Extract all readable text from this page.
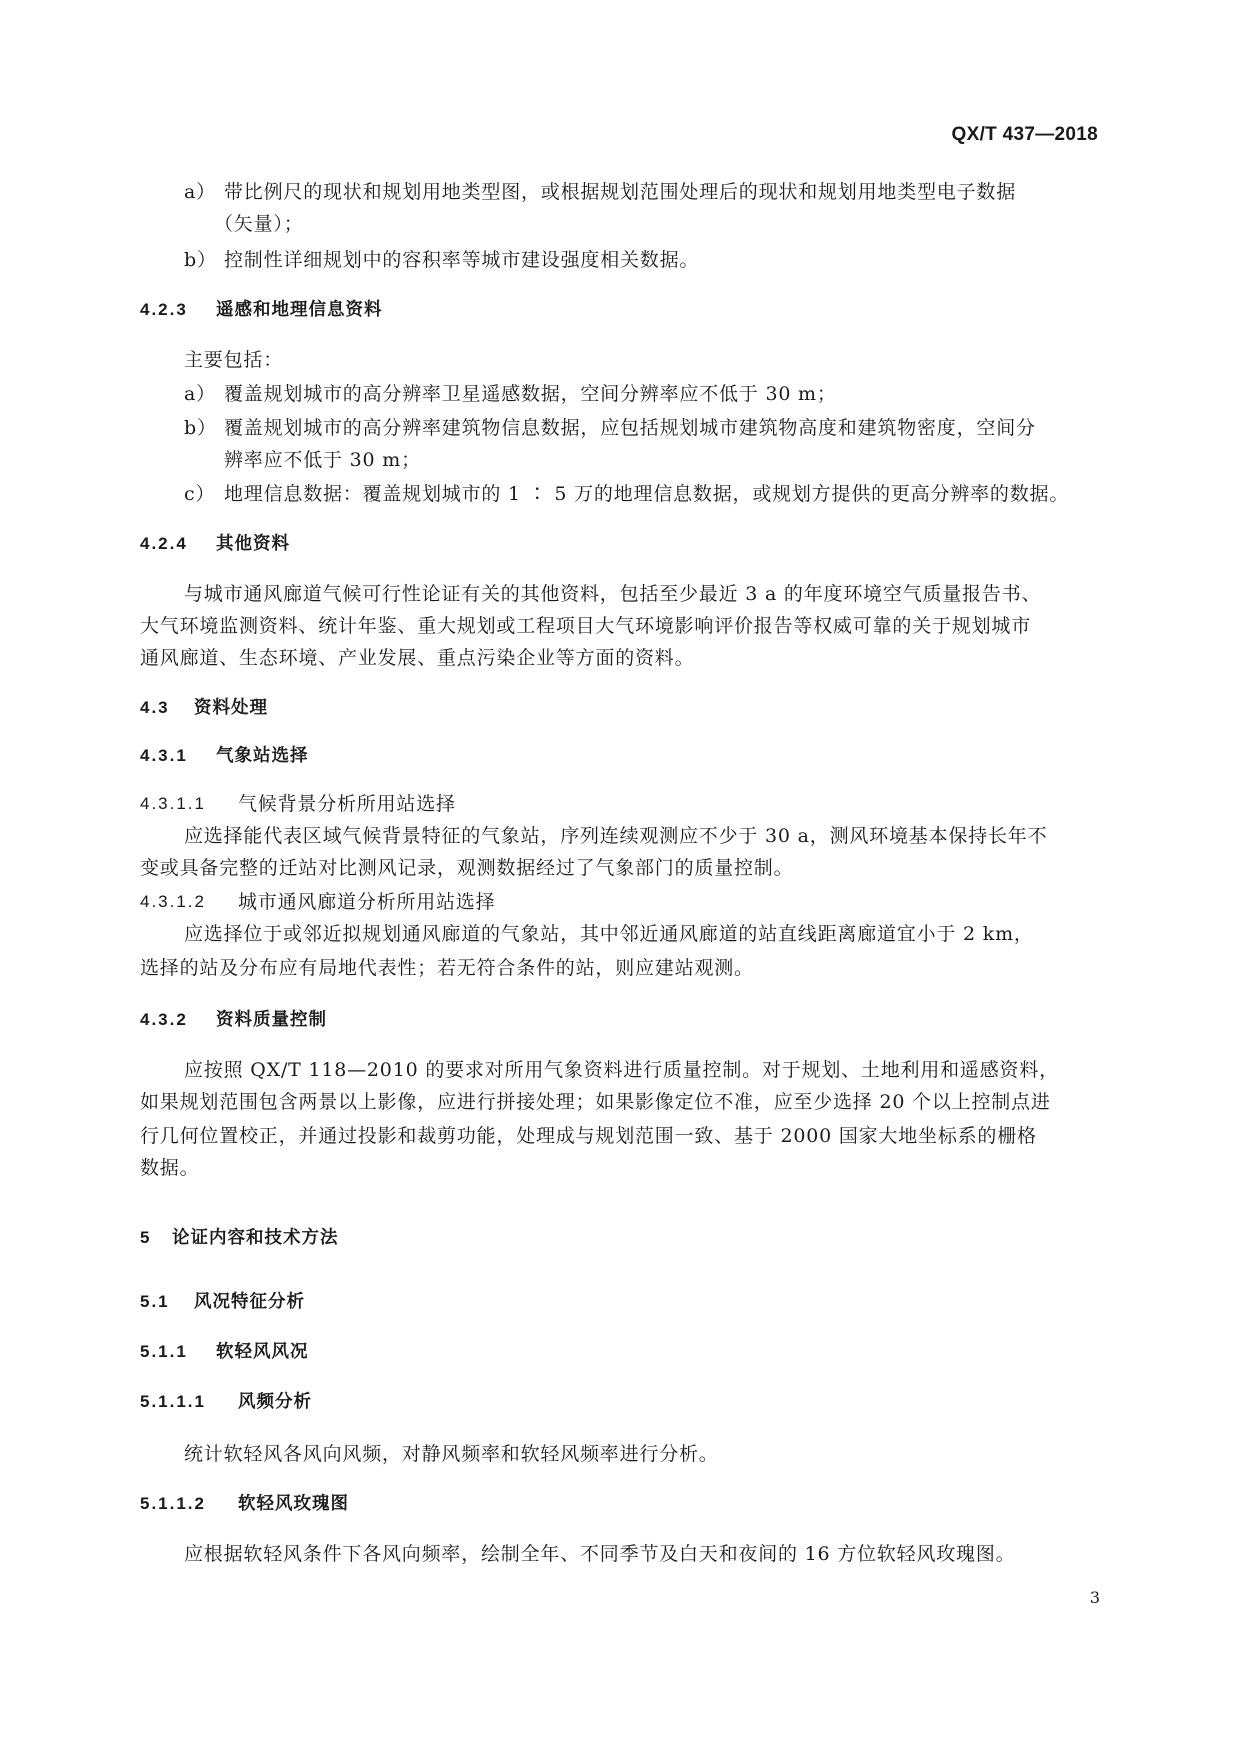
QX/T 437—2018
a） 带比例尺的现状和规划用地类型图，或根据规划范围处理后的现状和规划用地类型电子数据
（矢量）；
b） 控制性详细规划中的容积率等城市建设强度相关数据。
4.2.3 遥感和地理信息资料
主要包括：
a） 覆盖规划城市的高分辨率卫星遥感数据，空间分辨率应不低于 30 m；
b） 覆盖规划城市的高分辨率建筑物信息数据，应包括规划城市建筑物高度和建筑物密度，空间分
辨率应不低于 30 m；
c） 地理信息数据：覆盖规划城市的 1 ∶ 5 万的地理信息数据，或规划方提供的更高分辨率的数据。
4.2.4 其他资料
与城市通风廊道气候可行性论证有关的其他资料，包括至少最近 3 a 的年度环境空气质量报告书、
大气环境监测资料、统计年鉴、重大规划或工程项目大气环境影响评价报告等权威可靠的关于规划城市
通风廊道、生态环境、产业发展、重点污染企业等方面的资料。
4.3 资料处理
4.3.1 气象站选择
4.3.1.1 气候背景分析所用站选择
应选择能代表区域气候背景特征的气象站，序列连续观测应不少于 30 a，测风环境基本保持长年不
变或具备完整的迁站对比测风记录，观测数据经过了气象部门的质量控制。
4.3.1.2 城市通风廊道分析所用站选择
应选择位于或邻近拟规划通风廊道的气象站，其中邻近通风廊道的站直线距离廊道宜小于 2 km，
选择的站及分布应有局地代表性；若无符合条件的站，则应建站观测。
4.3.2 资料质量控制
应按照 QX/T 118—2010 的要求对所用气象资料进行质量控制。对于规划、土地利用和遥感资料，
如果规划范围包含两景以上影像，应进行拼接处理；如果影像定位不准，应至少选择 20 个以上控制点进
行几何位置校正，并通过投影和裁剪功能，处理成与规划范围一致、基于 2000 国家大地坐标系的栅格
数据。
5 论证内容和技术方法
5.1 风况特征分析
5.1.1 软轻风风况
5.1.1.1 风频分析
统计软轻风各风向风频，对静风频率和软轻风频率进行分析。
5.1.1.2 软轻风玫瑰图
应根据软轻风条件下各风向频率，绘制全年、不同季节及白天和夜间的 16 方位软轻风玫瑰图。
3
